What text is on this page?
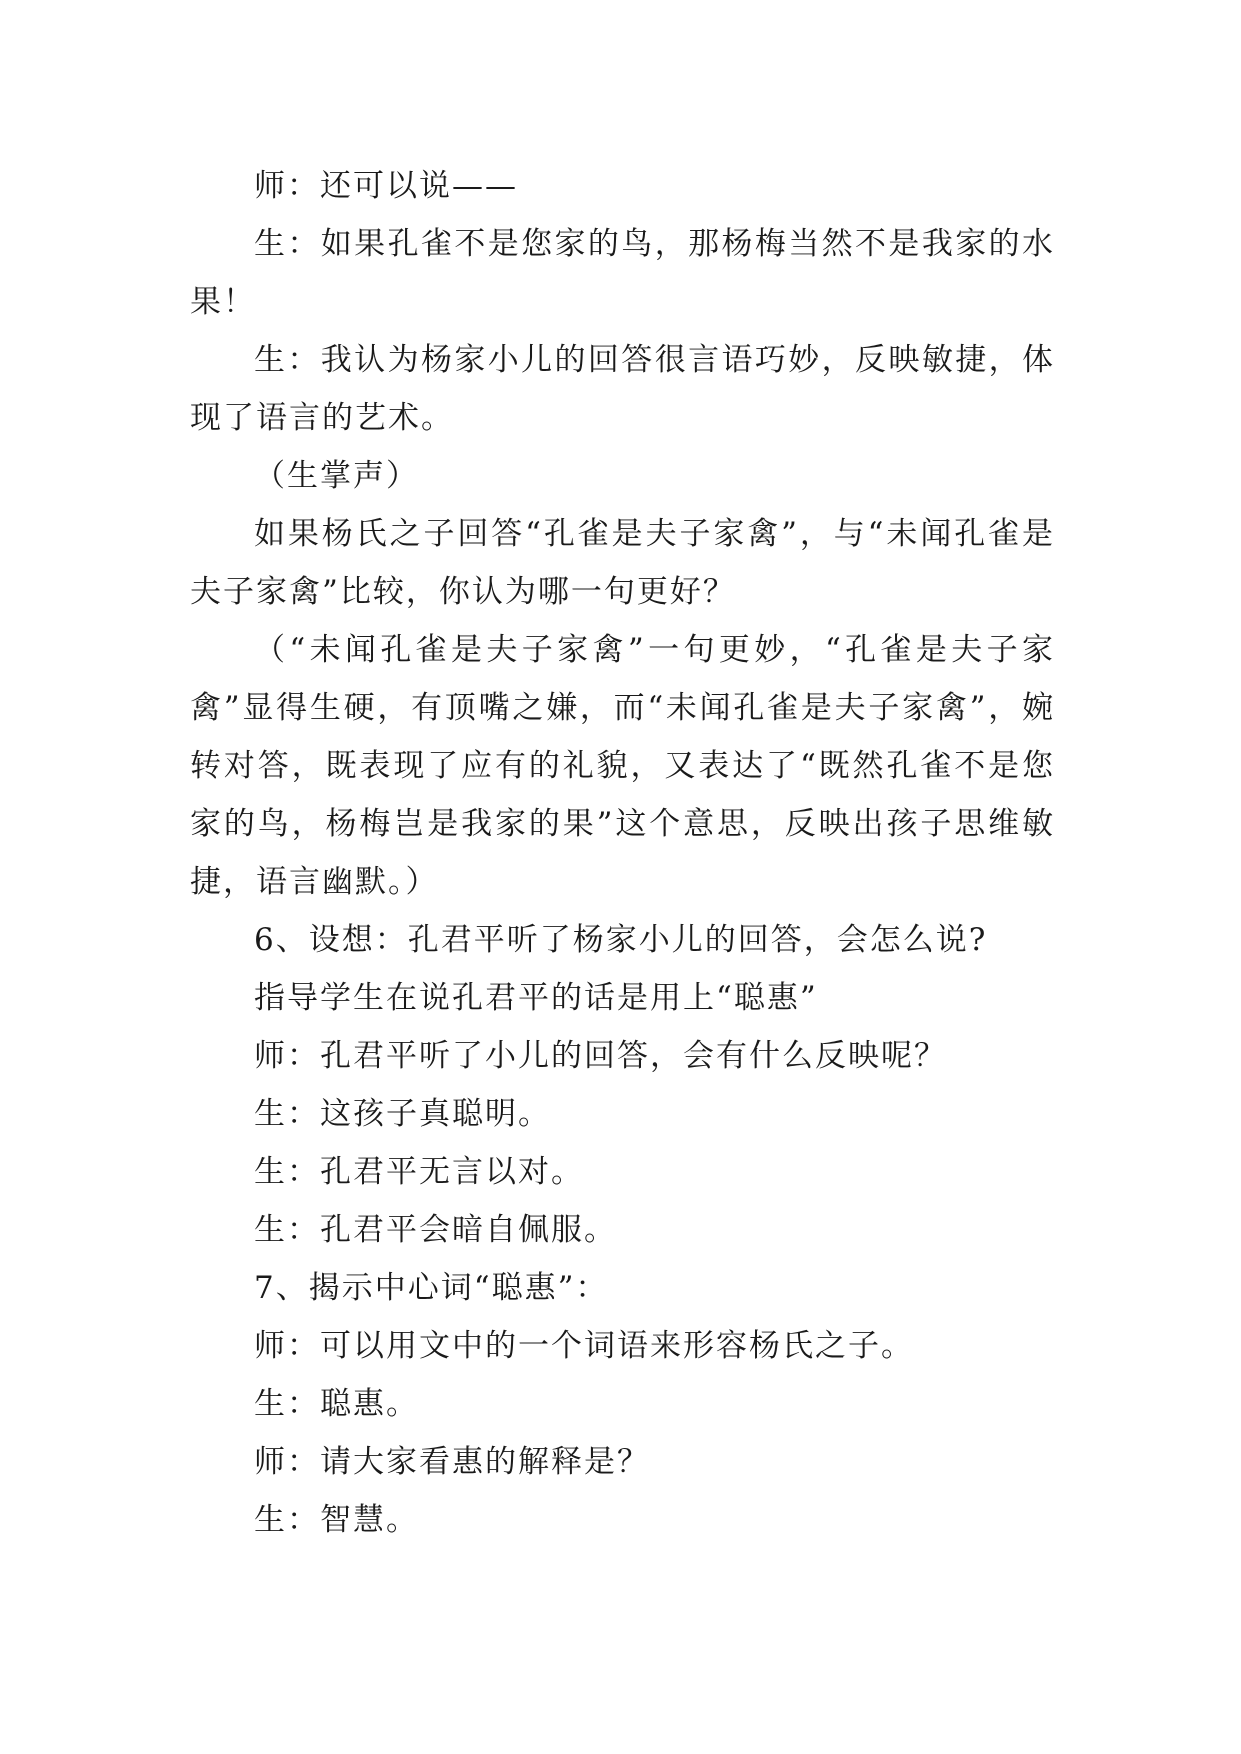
师：还可以说——

生：如果孔雀不是您家的鸟，那杨梅当然不是我家的水果！

生：我认为杨家小儿的回答很言语巧妙，反映敏捷，体现了语言的艺术。

（生掌声）

如果杨氏之子回答“孔雀是夫子家禽”，与“未闻孔雀是夫子家禽”比较，你认为哪一句更好？

（“未闻孔雀是夫子家禽”一句更妙，“孔雀是夫子家禽”显得生硬，有顶嘴之嫌，而“未闻孔雀是夫子家禽”，婉转对答，既表现了应有的礼貌，又表达了“既然孔雀不是您家的鸟，杨梅岂是我家的果”这个意思，反映出孩子思维敏捷，语言幽默。）

6、设想：孔君平听了杨家小儿的回答，会怎么说?

指导学生在说孔君平的话是用上“聪惠”

师：孔君平听了小儿的回答，会有什么反映呢？

生：这孩子真聪明。

生：孔君平无言以对。

生：孔君平会暗自佩服。

7、揭示中心词“聪惠”：

师：可以用文中的一个词语来形容杨氏之子。

生：聪惠。

师：请大家看惠的解释是？

生：智慧。
